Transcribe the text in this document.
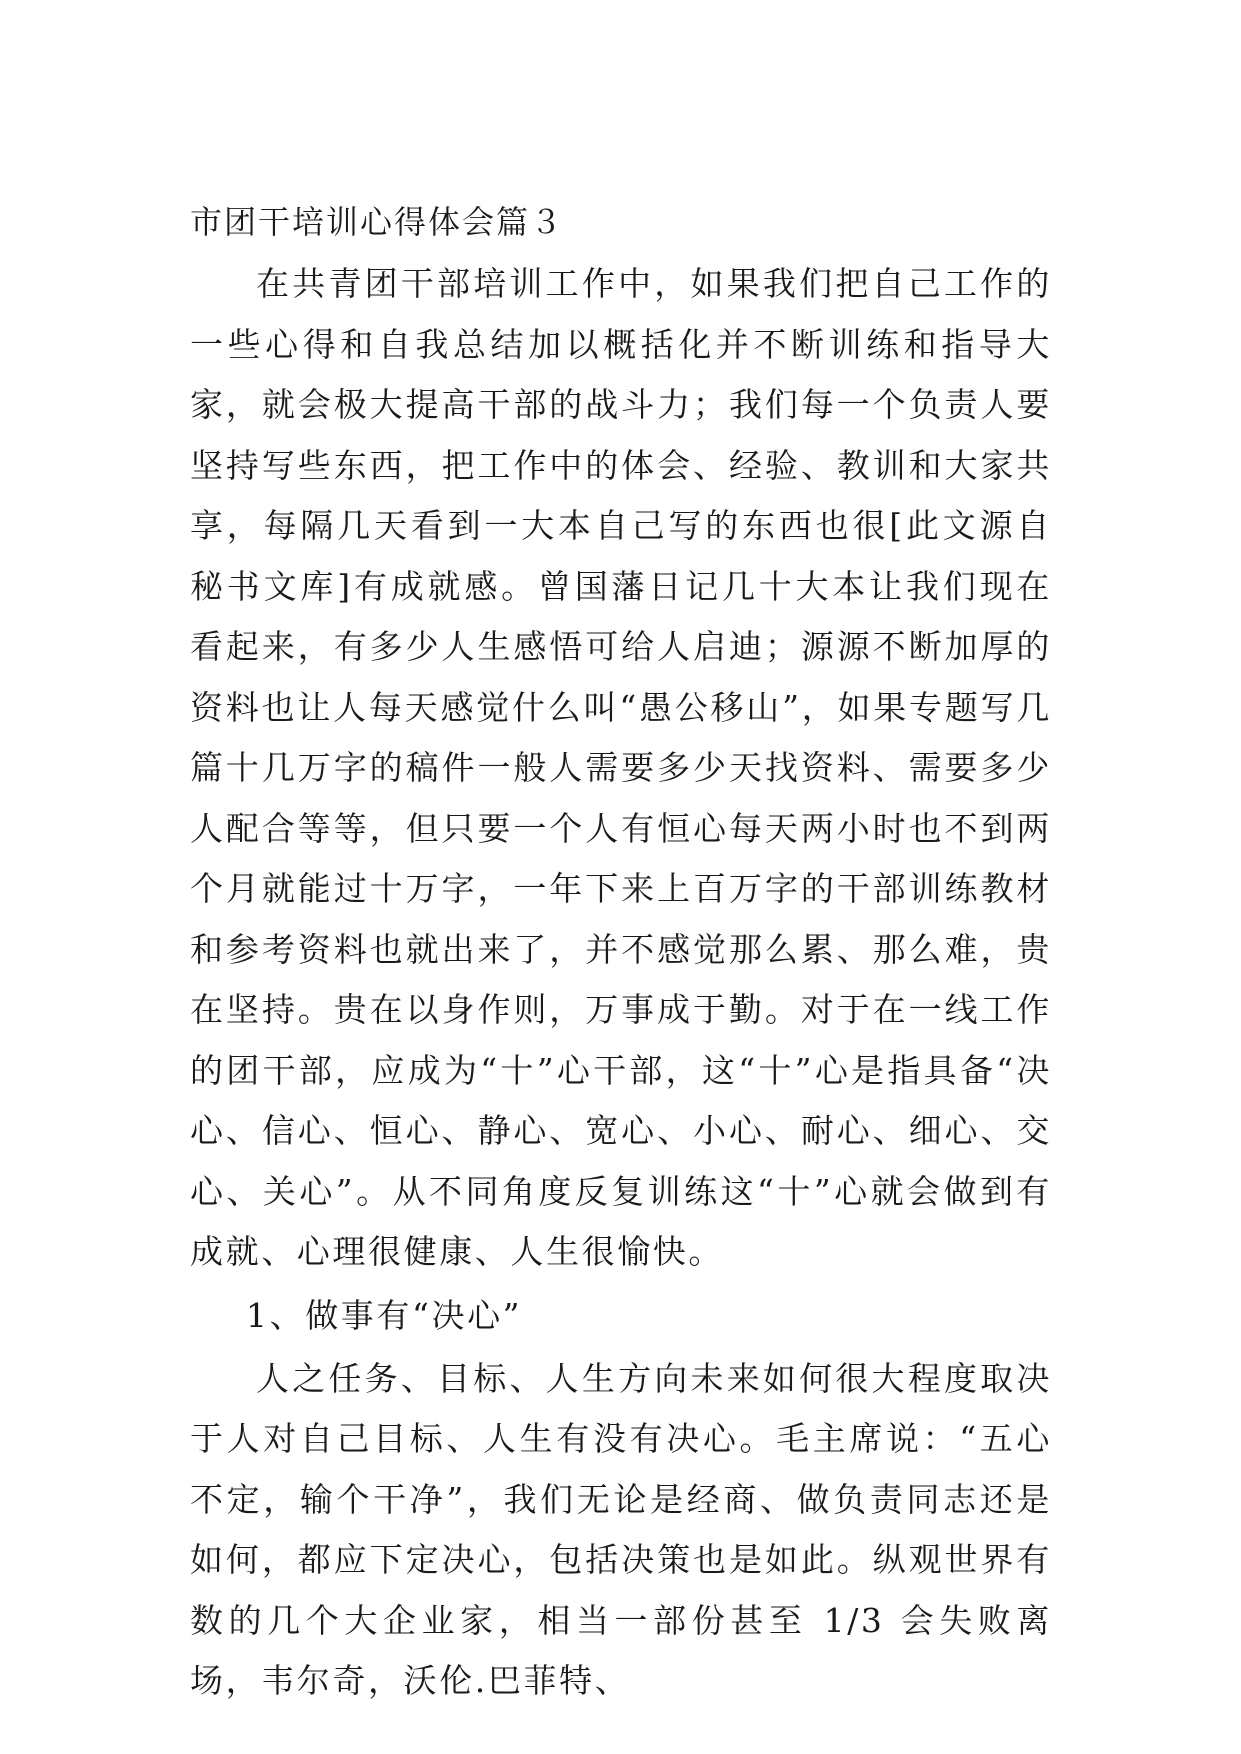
市团干培训心得体会篇３

在共青团干部培训工作中，如果我们把自己工作的一些心得和自我总结加以概括化并不断训练和指导大家，就会极大提高干部的战斗力；我们每一个负责人要坚持写些东西，把工作中的体会、经验、教训和大家共享，每隔几天看到一大本自己写的东西也很[此文源自秘书文库]有成就感。曾国藩日记几十大本让我们现在看起来，有多少人生感悟可给人启迪；源源不断加厚的资料也让人每天感觉什么叫“愚公移山”，如果专题写几篇十几万字的稿件一般人需要多少天找资料、需要多少人配合等等，但只要一个人有恒心每天两小时也不到两个月就能过十万字，一年下来上百万字的干部训练教材和参考资料也就出来了，并不感觉那么累、那么难，贵在坚持。贵在以身作则，万事成于勤。对于在一线工作的团干部，应成为“十”心干部，这“十”心是指具备“决心、信心、恒心、静心、宽心、小心、耐心、细心、交心、关心”。从不同角度反复训练这“十”心就会做到有成就、心理很健康、人生很愉快。

1、做事有“决心”

人之任务、目标、人生方向未来如何很大程度取决于人对自己目标、人生有没有决心。毛主席说：“五心不定，输个干净”，我们无论是经商、做负责同志还是如何，都应下定决心，包括决策也是如此。纵观世界有数的几个大企业家，相当一部份甚至 1/3 会失败离场，韦尔奇，沃伦.巴菲特、
